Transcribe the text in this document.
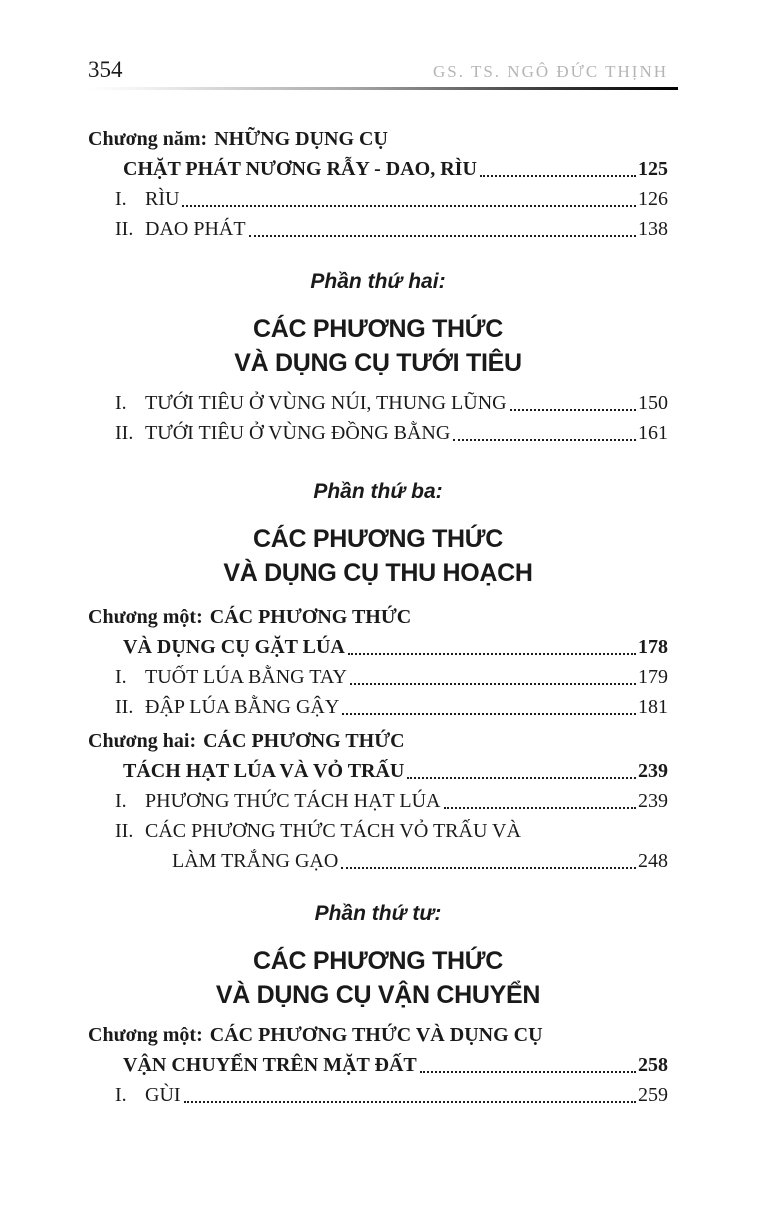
354	GS. TS. NGÔ ĐỨC THỊNH
Chương năm: NHỮNG DỤNG CỤ
CHẶT PHÁT NƯƠNG RẪY - DAO, RÌU	125
I. RÌU	126
II. DAO PHÁT	138
Phần thứ hai:
CÁC PHƯƠNG THỨC
VÀ DỤNG CỤ TƯỚI TIÊU
I. TƯỚI TIÊU Ở VÙNG NÚI, THUNG LŨNG	150
II. TƯỚI TIÊU Ở VÙNG ĐỒNG BẰNG	161
Phần thứ ba:
CÁC PHƯƠNG THỨC
VÀ DỤNG CỤ THU HOẠCH
Chương một: CÁC PHƯƠNG THỨC
VÀ DỤNG CỤ GẶT LÚA	178
I. TUỐT LÚA BẰNG TAY	179
II. ĐẬP LÚA BẰNG GẬY	181
Chương hai: CÁC PHƯƠNG THỨC
TÁCH HẠT LÚA VÀ VỎ TRẤU	239
I. PHƯƠNG THỨC TÁCH HẠT LÚA	239
II. CÁC PHƯƠNG THỨC TÁCH VỎ TRẤU VÀ
LÀM TRẮNG GẠO	248
Phần thứ tư:
CÁC PHƯƠNG THỨC
VÀ DỤNG CỤ VẬN CHUYỂN
Chương một: CÁC PHƯƠNG THỨC VÀ DỤNG CỤ
VẬN CHUYỂN TRÊN MẶT ĐẤT	258
I. GÙI	259
